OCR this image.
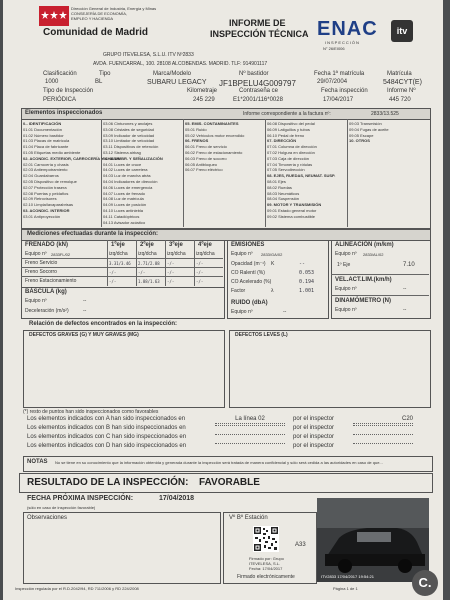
Dirección General de Industria, Energía y Minas
CONSEJERÍA DE ECONOMÍA,
EMPLEO Y HACIENDA
Comunidad de Madrid
INFORME DE
INSPECCIÓN TÉCNICA ENAC
INSPECCIÓN
N° 26/EI006
itv
GRUPO ITEVELESA, S.L.U. ITV Nº2833
AVDA. FUENCARRAL, 100. 28108 ALCOBENDAS. MADRID. TLF: 914901117
Clasificación	Tipo	Marca/Modelo	Nº bastidor	Fecha 1ª matrícula	Matrícula
1000	BL	SUBARU LEGACY JF1BPELU4G009797	29/07/2004	5484CYT(E)
Tipo de Inspección	Kilometraje	Contraseña ce	Fecha inspección	Informe Nº
PERIÓDICA	245 229	E1*2001/116*0028	17/04/2017	445 720
Elementos inspeccionados	Informe correspondiente a la factura nº:	2833/13.525
0.- IDENTIFICACIÓN
01.01 Documentación
01.02 Número bastidor
01.03 Placas de matrícula
01.04 Placa de fabricante
01.05 Etiquetas medio ambiente
02. ACONDIC. EXTERIOR, CARROCERÍA Y CHASIS
02.01 Carrocería y chasis
02.03 Antiempotramiento
02.04 Guardabarros
02.05 Dispositivo de remolque
02.07 Protección trasera
02.08 Puertas y peldaños
02.09 Retrovisores
02.10 Limpia/lavaparabrisas
03. ACONDIC. INTERIOR
03.01 Antiproyección
03.06 Cinturones y anclajes
03.08 Cristales de seguridad
03.09 Indicador de velocidad
03.10 Limitador de velocidad
03.11 Dispositivos de retención
03.12 Sistema airbag
04. ALUMBR. Y SEÑALIZACIÓN
04.01 Luces de cruce
04.02 Luces de carretera
04.03 Luz de marcha atrás
04.04 Indicadores de dirección
04.06 Luces de emergencia
04.07 Luces de frenado
04.08 Luz de matrícula
04.09 Luces de posición
04.10 Luces antiniebla
04.11 Catadióptricos
04.13 Avisador acústico
05. EMIS. CONTAMINANTES
05.01 Ruido
05.02 Vehículos motor encendido
06. FRENOS
06.01 Freno de servicio
06.02 Freno de estacionamiento
06.03 Freno de socorro
06.05 Antibloqueo
06.07 Freno eléctrico
06.08 Dispositivo del pedal
06.09 Latiguillos y tubos
06.10 Pedal de freno
07. DIRECCIÓN
07.01 Columna de dirección
07.02 Holgura en dirección
07.03 Caja de dirección
07.04 Timonería y rótulas
07.05 Servodirección
08. EJES, RUEDAS, NEUMAT. SUSP.
08.01 Ejes
08.02 Ruedas
08.03 Neumáticos
08.04 Suspensión
09. MOTOR Y TRANSMISIÓN
09.01 Estado general motor
09.02 Sistema combustible
09.03 Transmisión
09.04 Fugas de aceite
09.05 Escape
10. OTROS
Mediciones efectuadas durante la inspección:
FRENADO (kN)
Equipo nº 2833FL/02
1ºeje	2ºeje	3ºeje	4ºeje
izq/dcha izq/dcha izq/dcha izq/dcha
Freno Servicio	3.31/3.46 2.71/2.88 -/-	-/-
Freno Socorro	-/-	-/-	-/-	-/-
Freno Estacionamiento	-/-	1.88/1.63 -/-	-/-
BÁSCULA (kg)
Equipo nº	--
Deceleración (m/s²)	--
EMISIONES
Equipo nº 2833/GA/02
Opacidad (m⁻¹) K	--
CO Ralentí (%)	0.053
CO Acelerado (%)	0.194
Factor	λ	1.001
RUIDO (dbA)
Equipo nº	--
ALINEACIÓN (m/km)
Equipo nº 2833/AL/02
1º Eje	7.10
VEL.ACT.LIM.(km/h)
Equipo nº	--
DINAMÓMETRO (N)
Equipo nº	--
Relación de defectos encontrados en la inspección:
DEFECTOS GRAVES (G) Y MUY GRAVES (MG)	DEFECTOS LEVES (L)
(*) resto de puntos han sido inspeccionados como favorables
Los elementos indicados con A han sido inspeccionados en	La línea 02	por el inspector	C20
Los elementos indicados con B han sido inspeccionados en	por el inspector
Los elementos indicados con C han sido inspeccionados en	por el inspector
Los elementos indicados con D han sido inspeccionados en	por el inspector
NOTAS No se tiene en su conocimiento que la información obtenida y generada durante la inspección será tratada de manera confidencial y sólo será cedida a las autoridades en caso de que...
RESULTADO DE LA INSPECCIÓN: FAVORABLE
FECHA PRÓXIMA INSPECCIÓN:	17/04/2018
(sólo en caso de inspección favorable)
Observaciones	Vº Bº Estación
A33
Firmado por: Grupo
ITEVELESA, S.L.
Fecha: 17/04/2017
Firmado electrónicamente	ITV2833 17/04/2017 19:54:21
Inspección regulada por el R.D.2042/94, RD 711/2006 y RD 224/2008	Página 1 de 1	C.
